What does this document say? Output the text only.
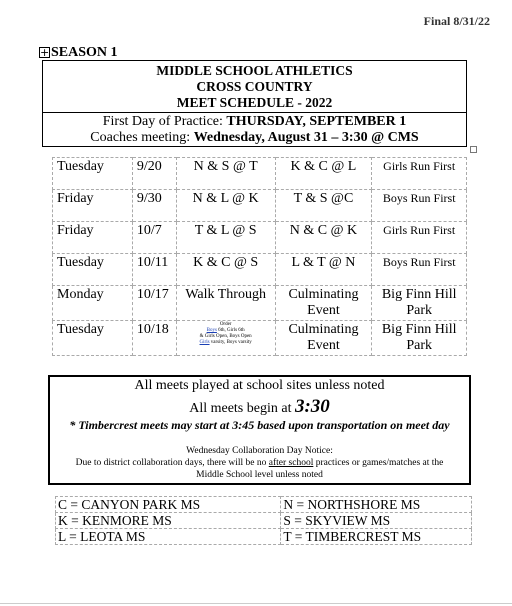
Final 8/31/22
+ SEASON 1
MIDDLE SCHOOL ATHLETICS
CROSS COUNTRY
MEET SCHEDULE - 2022
First Day of Practice: THURSDAY, SEPTEMBER 1
Coaches meeting: Wednesday, August 31 – 3:30 @ CMS
Tuesday	9/20	N & S @ T	K & C @ L	Girls Run First
Friday	9/30	N & L @ K	T & S @C	Boys Run First
Friday	10/7	T & L @ S	N & C @ K	Girls Run First
Tuesday	10/11	K & C @ S	L & T @ N	Boys Run First
Monday	10/17	Walk Through	Culminating Event	Big Finn Hill Park
Tuesday	10/18	Order
Boys 6th, Girls 6th
& Girls Open, Boys Open
Girls varsity, Boys varsity	Culminating Event	Big Finn Hill Park
All meets played at school sites unless noted
All meets begin at 3:30
* Timbercrest meets may start at 3:45 based upon transportation on meet day
Wednesday Collaboration Day Notice:
Due to district collaboration days, there will be no after school practices or games/matches at the
Middle School level unless noted
C = CANYON PARK MS	N = NORTHSHORE MS
K = KENMORE MS	S = SKYVIEW MS
L = LEOTA MS	T = TIMBERCREST MS
